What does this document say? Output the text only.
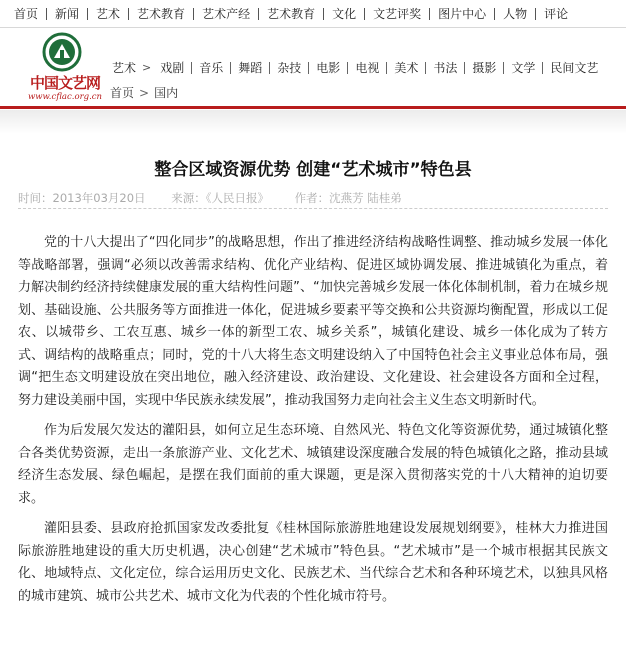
首页	新闻	艺术	艺术教育	艺术产经	艺术教育	文化	文艺评奖	图片中心	人物	评论
中国文艺网
www.cflac.org.cn
艺术 > 戏剧	音乐	舞蹈	杂技	电影	电视	美术	书法	摄影	文学	民间文艺
首页 > 国内
整合区域资源优势 创建“艺术城市”特色县
时间：2013年03月20日 来源：《人民日报》 作者：沈燕芳 陆桂弟

党的十八大提出了“四化同步”的战略思想，作出了推进经济结构战略性调整、推动城乡发展一体化等战略部署，强调“必须以改善需求结构、优化产业结构、促进区域协调发展、推进城镇化为重点，着力解决制约经济持续健康发展的重大结构性问题”、“加快完善城乡发展一体化体制机制，着力在城乡规划、基础设施、公共服务等方面推进一体化，促进城乡要素平等交换和公共资源均衡配置，形成以工促农、以城带乡、工农互惠、城乡一体的新型工农、城乡关系”，城镇化建设、城乡一体化成为了转方式、调结构的战略重点；同时，党的十八大将生态文明建设纳入了中国特色社会主义事业总体布局，强调“把生态文明建设放在突出地位，融入经济建设、政治建设、文化建设、社会建设各方面和全过程，努力建设美丽中国，实现中华民族永续发展”，推动我国努力走向社会主义生态文明新时代。

作为后发展欠发达的灌阳县，如何立足生态环境、自然风光、特色文化等资源优势，通过城镇化整合各类优势资源，走出一条旅游产业、文化艺术、城镇建设深度融合发展的特色城镇化之路，推动县域经济生态发展、绿色崛起，是摆在我们面前的重大课题，更是深入贯彻落实党的十八大精神的迫切要求。

灌阳县委、县政府抢抓国家发改委批复《桂林国际旅游胜地建设发展规划纲要》，桂林大力推进国际旅游胜地建设的重大历史机遇，决心创建“艺术城市”特色县。“艺术城市”是一个城市根据其民族文化、地域特点、文化定位，综合运用历史文化、民族艺术、当代综合艺术和各种环境艺术，以独具风格的城市建筑、城市公共艺术、城市文化为代表的个性化城市符号。
